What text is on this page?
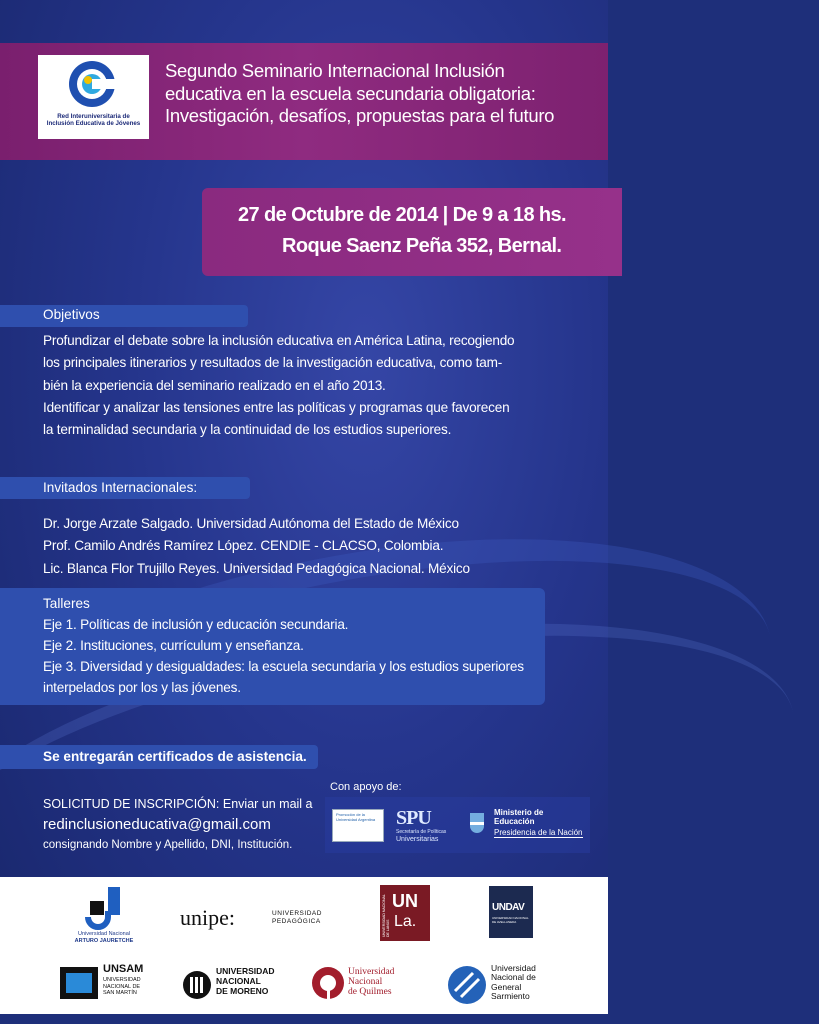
Red Interuniversitaria de
Inclusión Educativa de Jóvenes
Segundo Seminario Internacional Inclusión
educativa en la escuela secundaria obligatoria:
Investigación, desafíos, propuestas para el futuro
27 de Octubre de 2014 | De 9 a 18 hs.
Roque Saenz Peña 352, Bernal.
Objetivos
Profundizar el debate sobre la inclusión educativa en América Latina, recogiendo
los principales itinerarios y resultados de la investigación educativa, como tam-
bién la experiencia del seminario realizado en el año 2013.
Identificar y analizar las tensiones entre las políticas y programas que favorecen
la terminalidad secundaria y la continuidad de los estudios superiores.
Invitados Internacionales:
Dr. Jorge Arzate Salgado. Universidad Autónoma del Estado de México
Prof. Camilo Andrés Ramírez López. CENDIE - CLACSO, Colombia.
Lic. Blanca Flor Trujillo Reyes. Universidad Pedagógica Nacional. México
Talleres
Eje 1. Políticas de inclusión y educación secundaria.
Eje 2. Instituciones, currículum y enseñanza.
Eje 3. Diversidad y desigualdades: la escuela secundaria y los estudios superiores
interpelados por los y las jóvenes.
Se entregarán certificados de asistencia.
SOLICITUD DE INSCRIPCIÓN: Enviar un mail a
redinclusioneducativa@gmail.com
consignando Nombre y Apellido, DNI, Institución.
Con apoyo de:
Promoción de la Universidad Argentina	SPU
Secretaría de Políticas
Universitarias
Ministerio de
Educación
Presidencia de la Nación
Universidad Nacional
ARTURO JAURETCHE
unipe:	UNIVERSIDAD
PEDAGÓGICA	UNIVERSIDAD NACIONAL DE LANÚS
UN
La.
UNDAV
UNIVERSIDAD NACIONAL DE AVELLANEDA
UNSAM
UNIVERSIDAD
NACIONAL DE
SAN MARTÍN
UNIVERSIDAD
NACIONAL
DE MORENO
Universidad
Nacional
de Quilmes
Universidad
Nacional de
General
Sarmiento
